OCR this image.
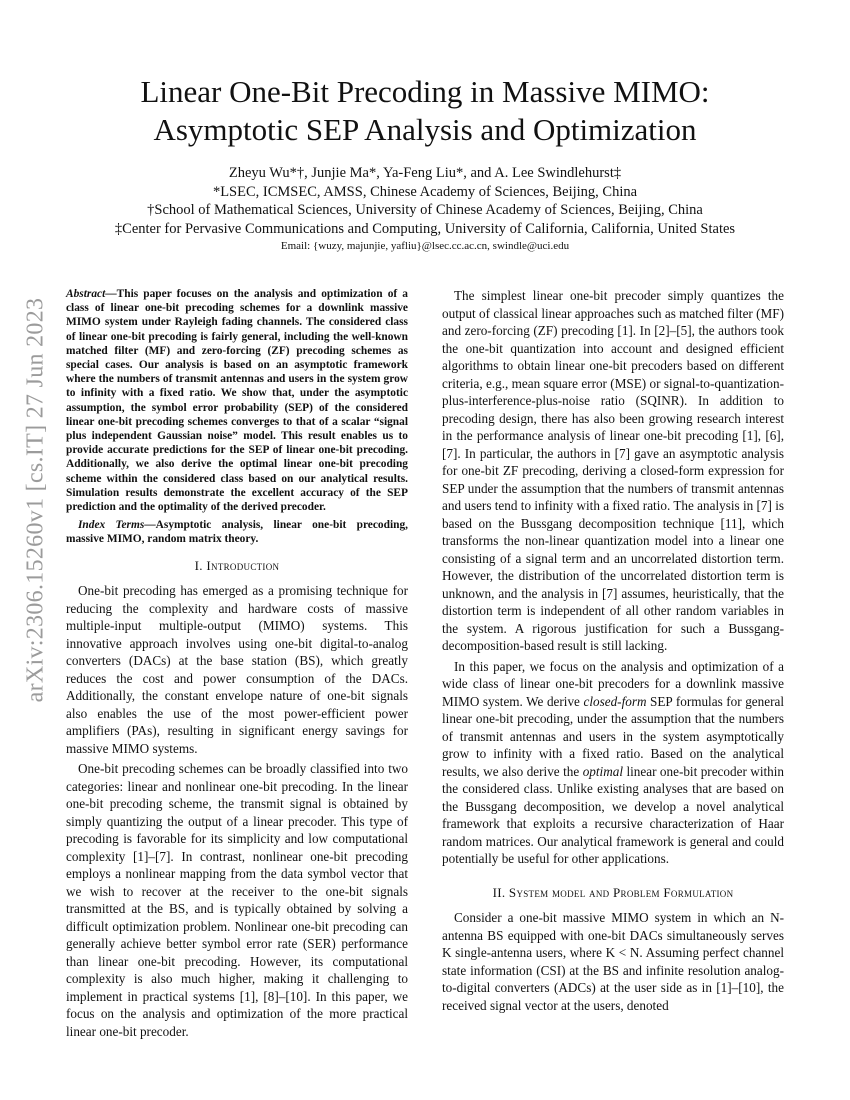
arXiv:2306.15260v1 [cs.IT] 27 Jun 2023
Linear One-Bit Precoding in Massive MIMO:
Asymptotic SEP Analysis and Optimization
Zheyu Wu*†, Junjie Ma*, Ya-Feng Liu*, and A. Lee Swindlehurst‡
*LSEC, ICMSEC, AMSS, Chinese Academy of Sciences, Beijing, China
†School of Mathematical Sciences, University of Chinese Academy of Sciences, Beijing, China
‡Center for Pervasive Communications and Computing, University of California, California, United States
Email: {wuzy, majunjie, yafliu}@lsec.cc.ac.cn, swindle@uci.edu
Abstract—This paper focuses on the analysis and optimization of a class of linear one-bit precoding schemes for a downlink massive MIMO system under Rayleigh fading channels. The considered class of linear one-bit precoding is fairly general, including the well-known matched filter (MF) and zero-forcing (ZF) precoding schemes as special cases. Our analysis is based on an asymptotic framework where the numbers of transmit antennas and users in the system grow to infinity with a fixed ratio. We show that, under the asymptotic assumption, the symbol error probability (SEP) of the considered linear one-bit precoding schemes converges to that of a scalar “signal plus independent Gaussian noise” model. This result enables us to provide accurate predictions for the SEP of linear one-bit precoding. Additionally, we also derive the optimal linear one-bit precoding scheme within the considered class based on our analytical results. Simulation results demonstrate the excellent accuracy of the SEP prediction and the optimality of the derived precoder.
Index Terms—Asymptotic analysis, linear one-bit precoding, massive MIMO, random matrix theory.
I. Introduction

One-bit precoding has emerged as a promising technique for reducing the complexity and hardware costs of massive multiple-input multiple-output (MIMO) systems. This innovative approach involves using one-bit digital-to-analog converters (DACs) at the base station (BS), which greatly reduces the cost and power consumption of the DACs. Additionally, the constant envelope nature of one-bit signals also enables the use of the most power-efficient power amplifiers (PAs), resulting in significant energy savings for massive MIMO systems.

One-bit precoding schemes can be broadly classified into two categories: linear and nonlinear one-bit precoding. In the linear one-bit precoding scheme, the transmit signal is obtained by simply quantizing the output of a linear precoder. This type of precoding is favorable for its simplicity and low computational complexity [1]–[7]. In contrast, nonlinear one-bit precoding employs a nonlinear mapping from the data symbol vector that we wish to recover at the receiver to the one-bit signals transmitted at the BS, and is typically obtained by solving a difficult optimization problem. Nonlinear one-bit precoding can generally achieve better symbol error rate (SER) performance than linear one-bit precoding. However, its computational complexity is also much higher, making it challenging to implement in practical systems [1], [8]–[10]. In this paper, we focus on the analysis and optimization of the more practical linear one-bit precoder.

The simplest linear one-bit precoder simply quantizes the output of classical linear approaches such as matched filter (MF) and zero-forcing (ZF) precoding [1]. In [2]–[5], the authors took the one-bit quantization into account and designed efficient algorithms to obtain linear one-bit precoders based on different criteria, e.g., mean square error (MSE) or signal-to-quantization-plus-interference-plus-noise ratio (SQINR). In addition to precoding design, there has also been growing research interest in the performance analysis of linear one-bit precoding [1], [6], [7]. In particular, the authors in [7] gave an asymptotic analysis for one-bit ZF precoding, deriving a closed-form expression for SEP under the assumption that the numbers of transmit antennas and users tend to infinity with a fixed ratio. The analysis in [7] is based on the Bussgang decomposition technique [11], which transforms the non-linear quantization model into a linear one consisting of a signal term and an uncorrelated distortion term. However, the distribution of the uncorrelated distortion term is unknown, and the analysis in [7] assumes, heuristically, that the distortion term is independent of all other random variables in the system. A rigorous justification for such a Bussgang-decomposition-based result is still lacking.

In this paper, we focus on the analysis and optimization of a wide class of linear one-bit precoders for a downlink massive MIMO system. We derive closed-form SEP formulas for general linear one-bit precoding, under the assumption that the numbers of transmit antennas and users in the system asymptotically grow to infinity with a fixed ratio. Based on the analytical results, we also derive the optimal linear one-bit precoder within the considered class. Unlike existing analyses that are based on the Bussgang decomposition, we develop a novel analytical framework that exploits a recursive characterization of Haar random matrices. Our analytical framework is general and could potentially be useful for other applications.

II. System model and Problem Formulation

Consider a one-bit massive MIMO system in which an N-antenna BS equipped with one-bit DACs simultaneously serves K single-antenna users, where K < N. Assuming perfect channel state information (CSI) at the BS and infinite resolution analog-to-digital converters (ADCs) at the user side as in [1]–[10], the received signal vector at the users, denoted
